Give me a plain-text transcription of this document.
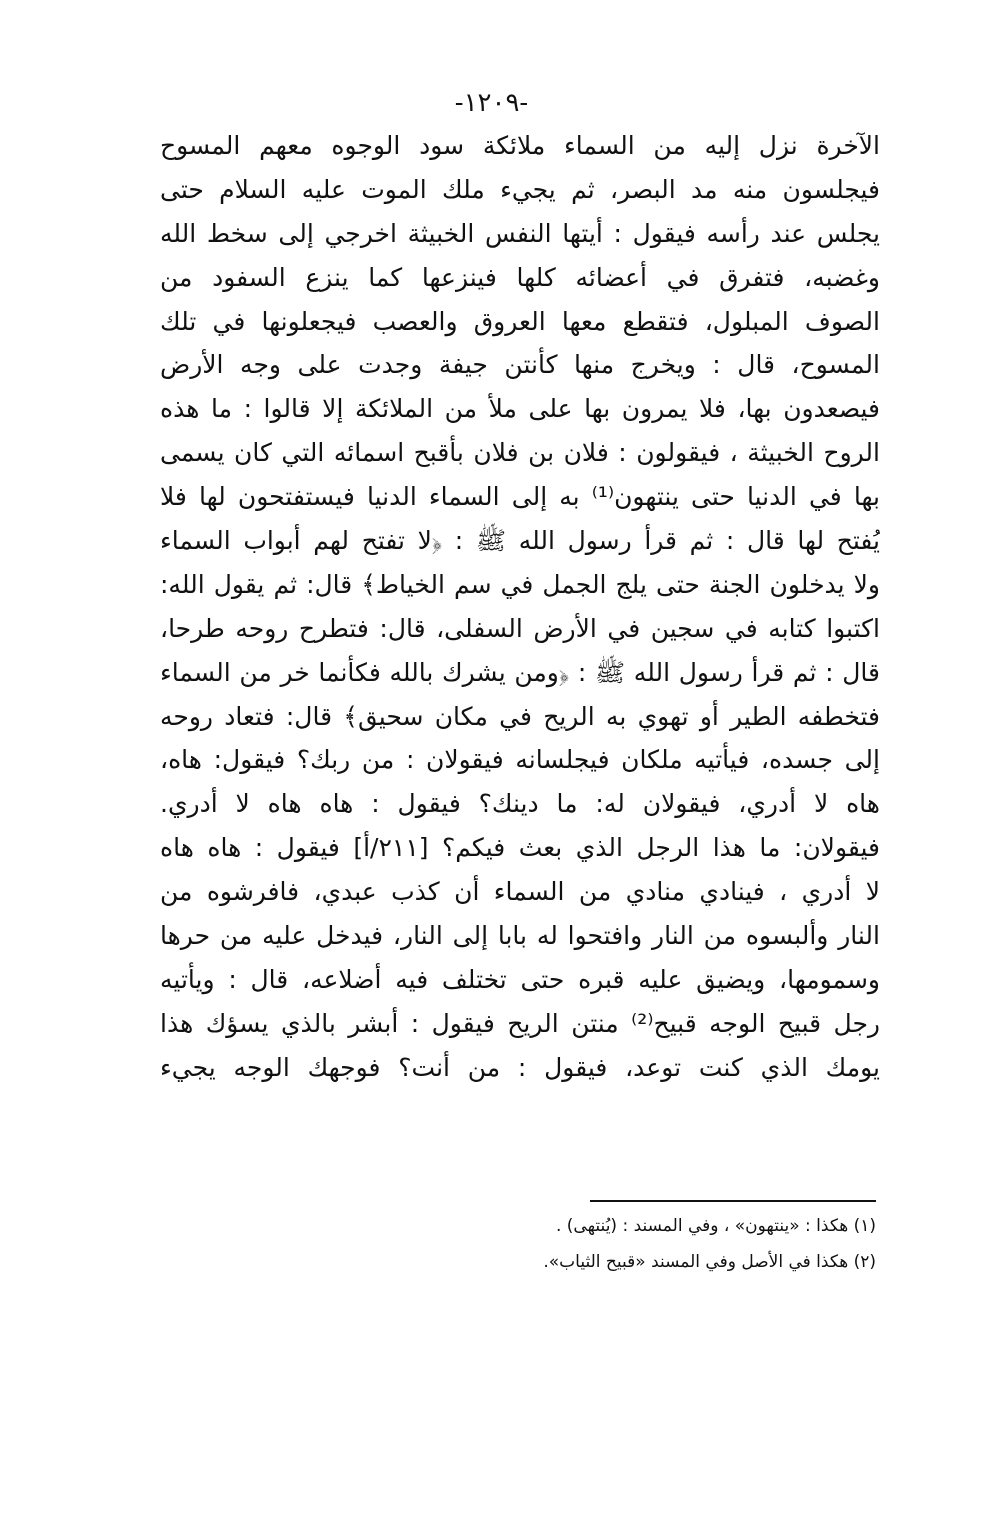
-١٢٠٩-
الآخرة نزل إليه من السماء ملائكة سود الوجوه معهم المسوح
فيجلسون منه مد البصر، ثم يجيء ملك الموت عليه السلام حتى
يجلس عند رأسه فيقول : أيتها النفس الخبيثة اخرجي إلى سخط الله
وغضبه، فتفرق في أعضائه كلها فينزعها كما ينزع السفود من
الصوف المبلول، فتقطع معها العروق والعصب فيجعلونها في تلك
المسوح، قال : ويخرج منها كأنتن جيفة وجدت على وجه الأرض
فيصعدون بها، فلا يمرون بها على ملأ من الملائكة إلا قالوا : ما هذه
الروح الخبيثة ، فيقولون : فلان بن فلان بأقبح اسمائه التي كان يسمى
بها في الدنيا حتى ينتهون⁽¹⁾ به إلى السماء الدنيا فيستفتحون لها فلا
يُفتح لها قال : ثم قرأ رسول الله ﷺ : ﴿لا تفتح لهم أبواب السماء
ولا يدخلون الجنة حتى يلج الجمل في سم الخياط﴾ قال: ثم يقول الله:
اكتبوا كتابه في سجين في الأرض السفلى، قال: فتطرح روحه طرحا،
قال : ثم قرأ رسول الله ﷺ : ﴿ومن يشرك بالله فكأنما خر من السماء
فتخطفه الطير أو تهوي به الريح في مكان سحيق﴾ قال: فتعاد روحه
إلى جسده، فيأتيه ملكان فيجلسانه فيقولان : من ربك؟ فيقول: هاه،
هاه لا أدري، فيقولان له: ما دينك؟ فيقول : هاه هاه لا أدري.
فيقولان: ما هذا الرجل الذي بعث فيكم؟ [٢١١/أ] فيقول : هاه هاه
لا أدري ، فينادي منادي من السماء أن كذب عبدي، فافرشوه من
النار وألبسوه من النار وافتحوا له بابا إلى النار، فيدخل عليه من حرها
وسمومها، ويضيق عليه قبره حتى تختلف فيه أضلاعه، قال : ويأتيه
رجل قبيح الوجه قبيح⁽²⁾ منتن الريح فيقول : أبشر بالذي يسؤك هذا
يومك الذي كنت توعد، فيقول : من أنت؟ فوجهك الوجه يجيء
(١) هكذا : «ينتهون» ، وفي المسند : (يُنتهى) .
(٢) هكذا في الأصل وفي المسند «قبيح الثياب».
